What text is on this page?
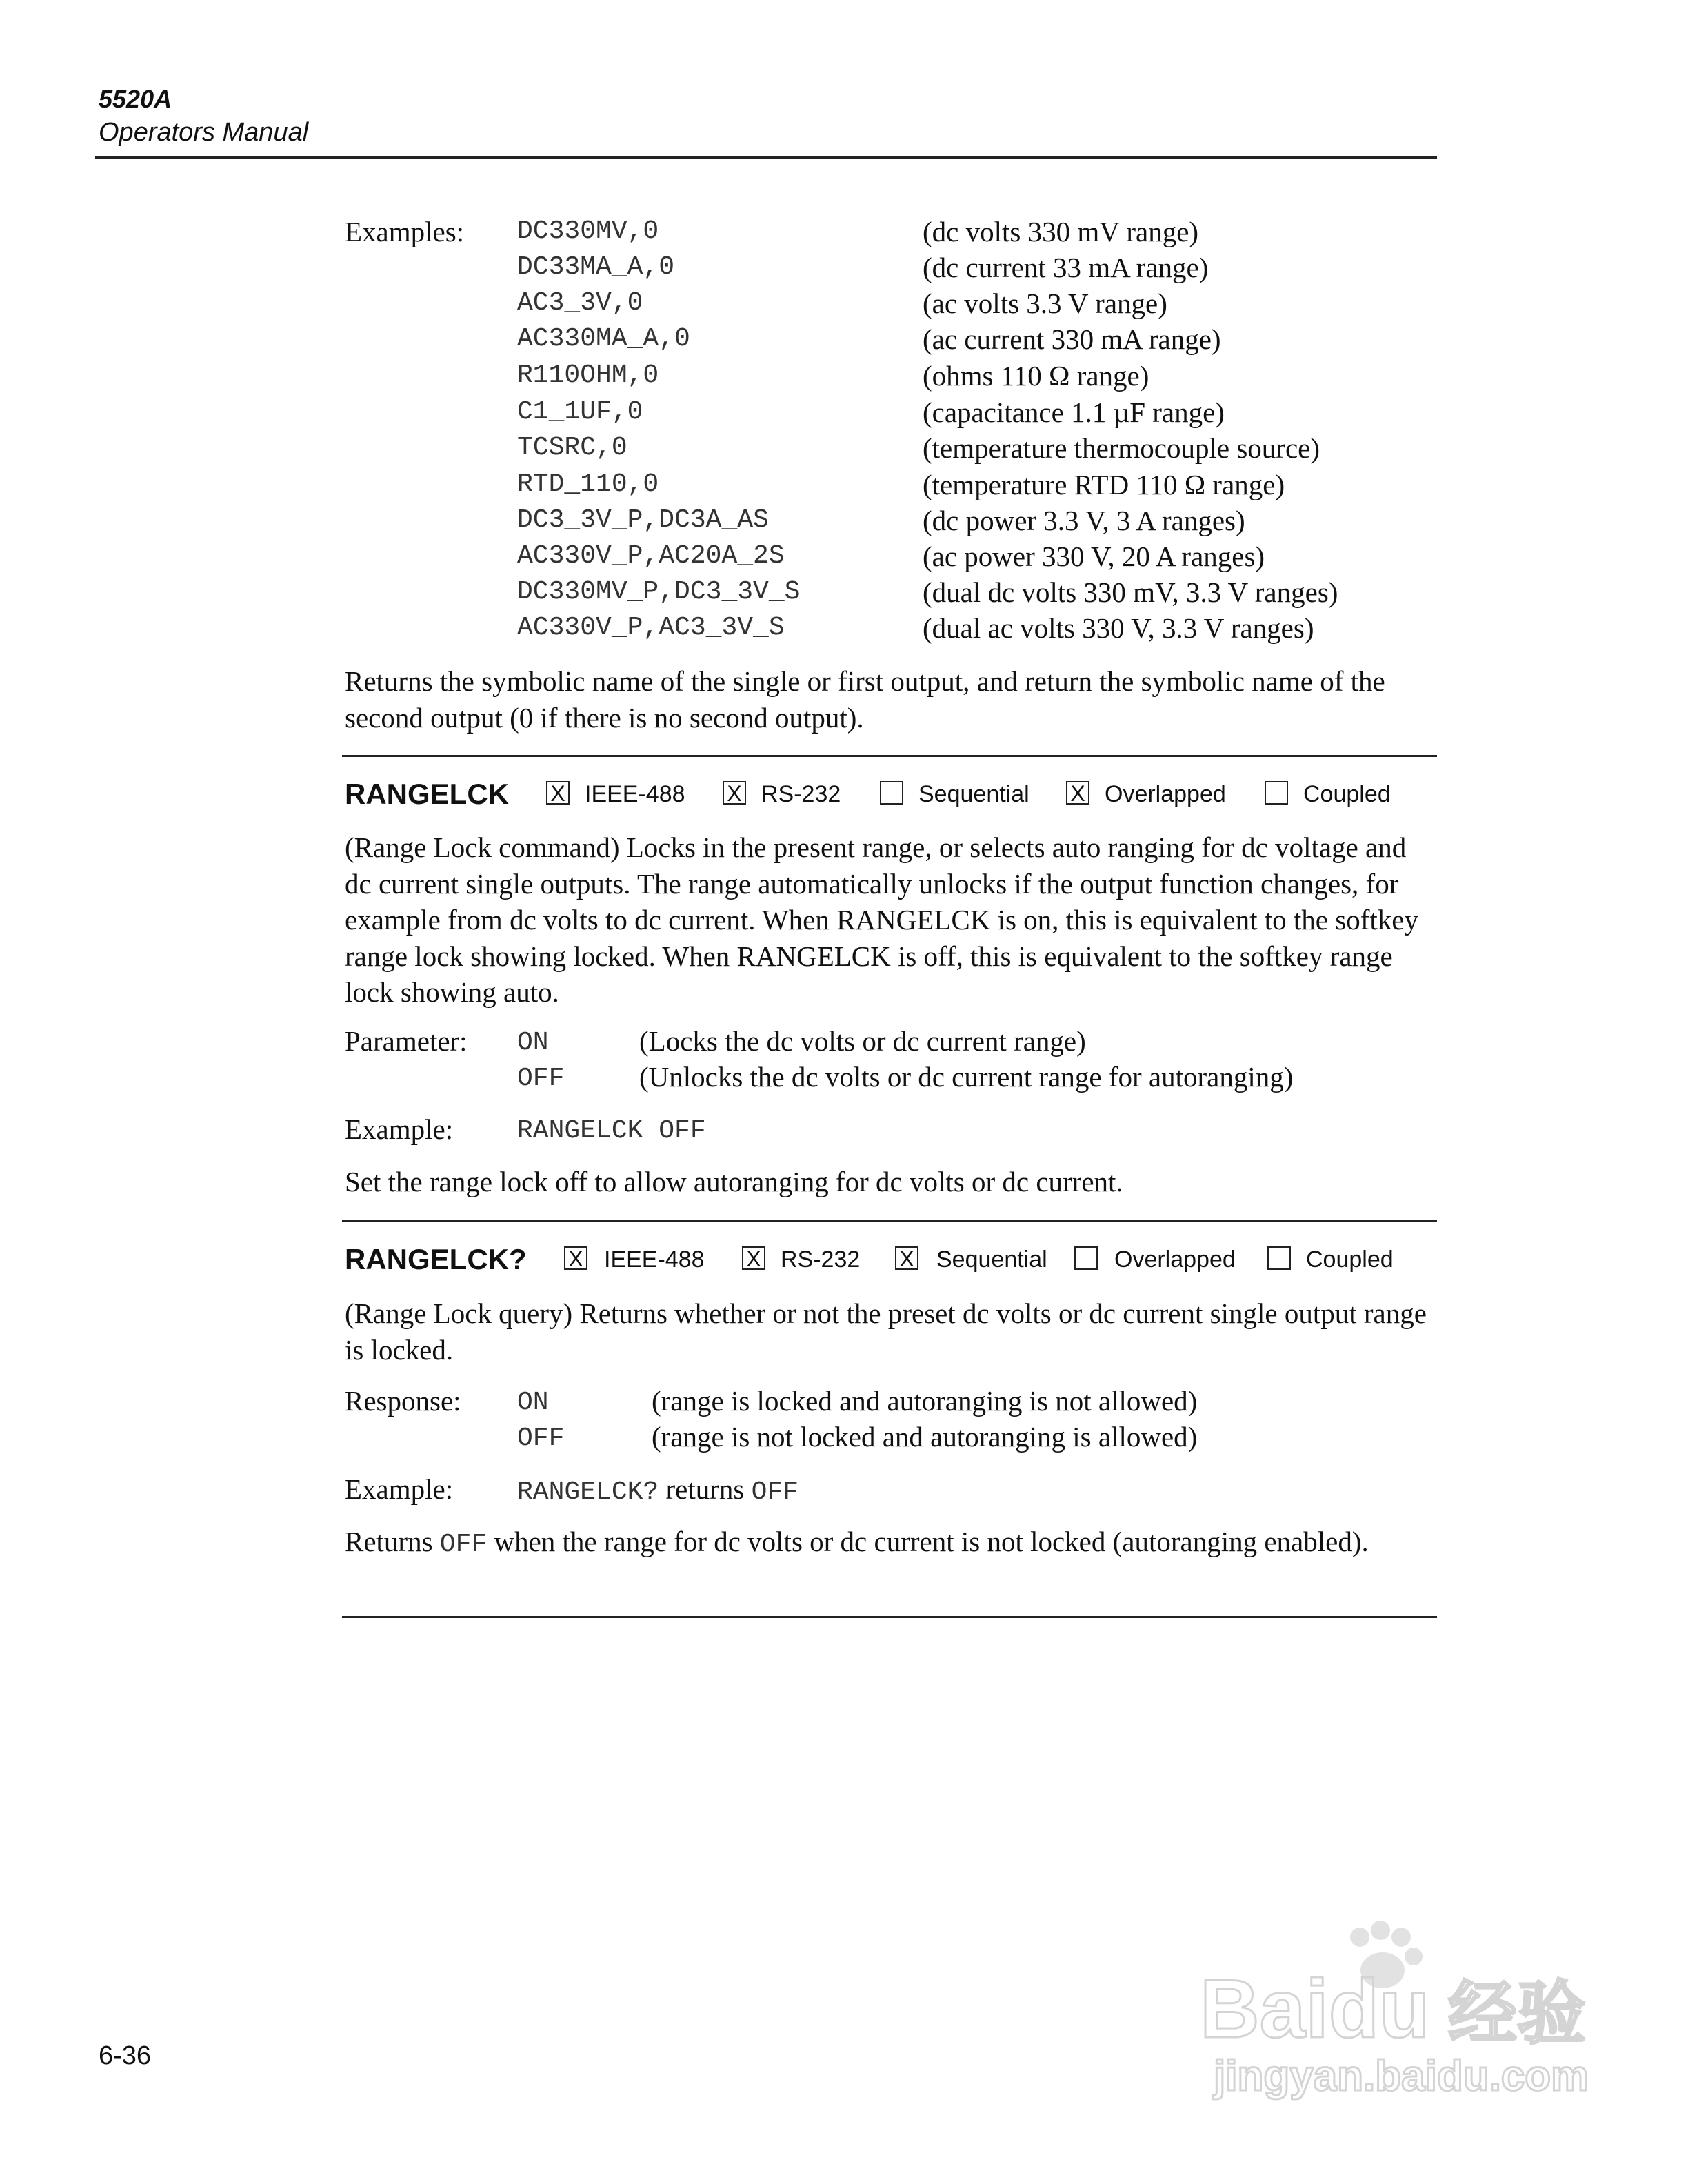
5520A
Operators Manual
Examples: DC330MV,0	(dc volts 330 mV range)
DC33MA_A,0	(dc current 33 mA range)
AC3_3V,0	(ac volts 3.3 V range)
AC330MA_A,0	(ac current 330 mA range)
R110OHM,0	(ohms 110 Ω range)
C1_1UF,0	(capacitance 1.1 µF range)
TCSRC,0	(temperature thermocouple source)
RTD_110,0	(temperature RTD 110 Ω range)
DC3_3V_P,DC3A_AS	(dc power 3.3 V, 3 A ranges)
AC330V_P,AC20A_2S	(ac power 330 V, 20 A ranges)
DC330MV_P,DC3_3V_S	(dual dc volts 330 mV, 3.3 V ranges)
AC330V_P,AC3_3V_S	(dual ac volts 330 V, 3.3 V ranges)
Returns the symbolic name of the single or first output, and return the symbolic name of the second output (0 if there is no second output).
RANGELCK X IEEE-488 X RS-232	Sequential X Overlapped	Coupled
(Range Lock command) Locks in the present range, or selects auto ranging for dc voltage and dc current single outputs. The range automatically unlocks if the output function changes, for example from dc volts to dc current. When RANGELCK is on, this is equivalent to the softkey range lock showing locked. When RANGELCK is off, this is equivalent to the softkey range lock showing auto.
Parameter: ON	(Locks the dc volts or dc current range)
OFF	(Unlocks the dc volts or dc current range for autoranging)
Example: RANGELCK OFF
Set the range lock off to allow autoranging for dc volts or dc current.
RANGELCK? X IEEE-488 X RS-232 X Sequential	Overlapped	Coupled
(Range Lock query) Returns whether or not the preset dc volts or dc current single output range is locked.
Response: ON	(range is locked and autoranging is not allowed)
OFF	(range is not locked and autoranging is allowed)
Example: RANGELCK? returns OFF
Returns OFF when the range for dc volts or dc current is not locked (autoranging enabled).
6-36
Baidu 经验
jingyan.baidu.com
